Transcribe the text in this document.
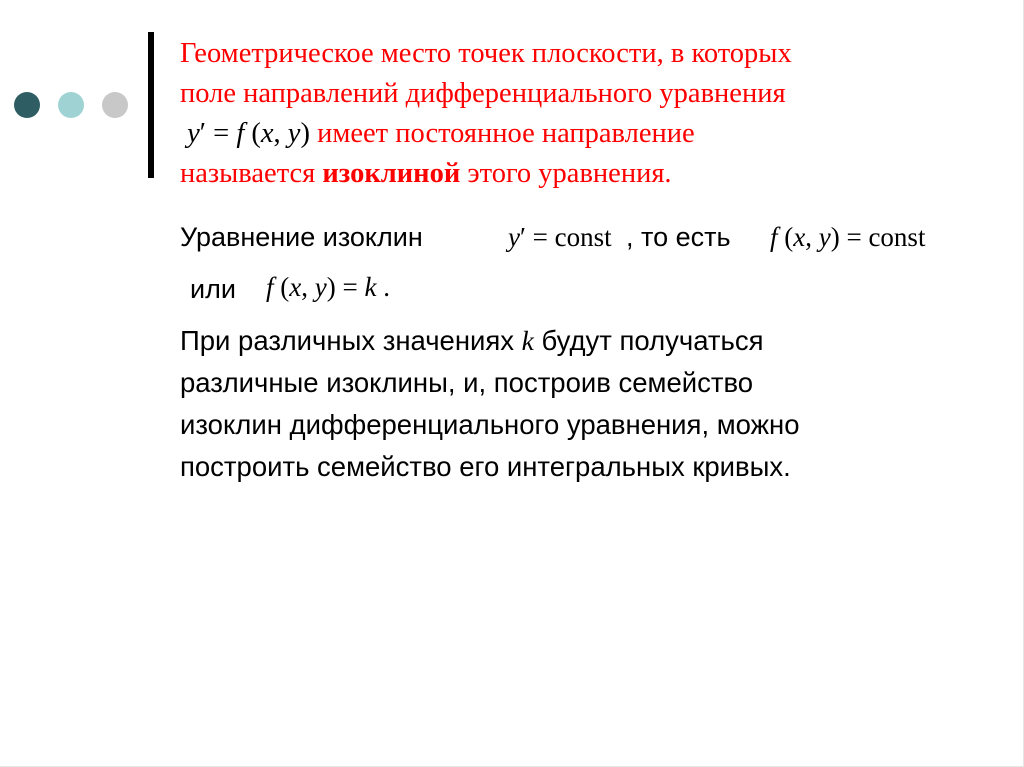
Геометрическое место точек плоскости, в которых
поле направлений дифференциального уравнения
y′ = f (x, y) имеет постоянное направление
называется изоклиной этого уравнения.
Уравнение изоклин	y′ = const , то есть f (x, y) = const
или f (x, y) = k .
При различных значениях k будут получаться
различные изоклины, и, построив семейство
изоклин дифференциального уравнения, можно
построить семейство его интегральных кривых.
